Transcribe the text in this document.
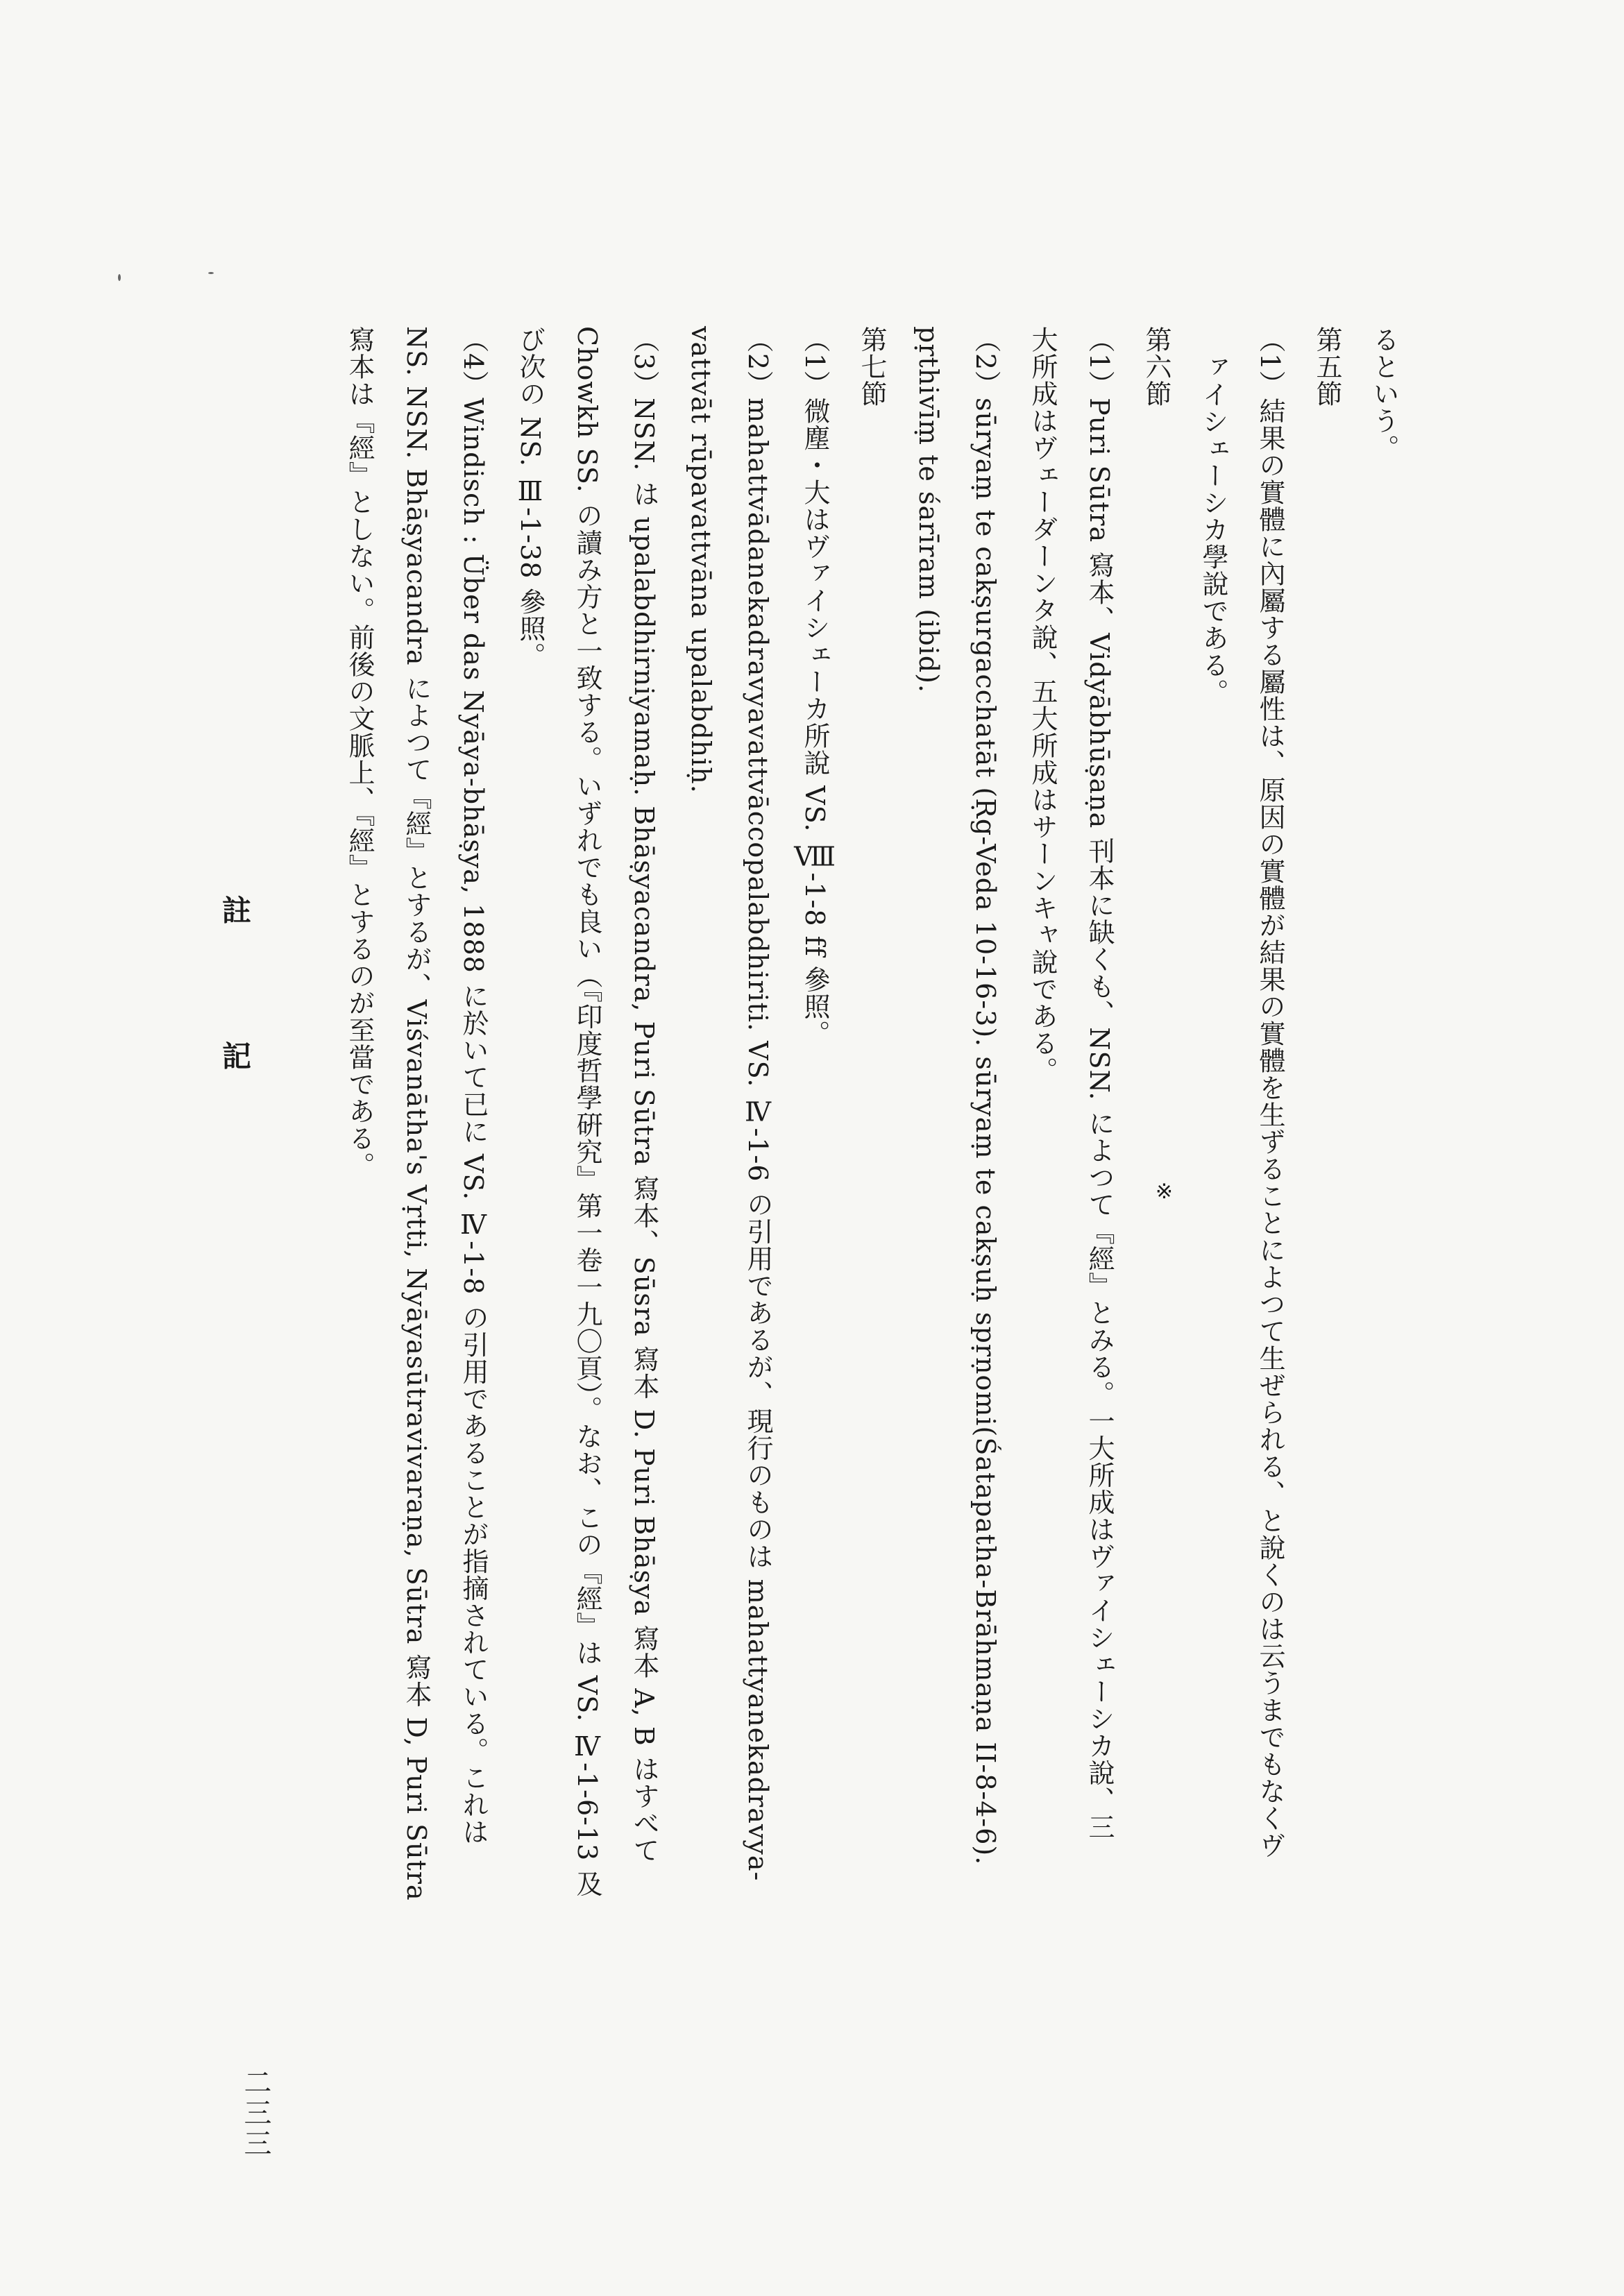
るという。
第五節
（1）結果の實體に內屬する屬性は、原因の實體が結果の實體を生ずることによつて生ぜられる、と說くのは云うまでもなくヴ
ァイシェーシカ學說である。
第六節
（1）Puri Sūtra 寫本、Vidyābhūṣaṇa 刊本に缺くも、NSN. によつて『經』とみる。一大所成はヴァイシェーシカ說、三
大所成はヴェーダーンタ說、五大所成はサーンキャ說である。
（2）sūryaṃ te cakṣurgacchatāt (Ṛg-Veda 10-16-3). sūryaṃ te cakṣuḥ spṛṇomi(Śatapatha-Brāhmaṇa II-8-4-6).
pṛthivīṃ te śarīram (ibid).
第七節
（1）微塵・大はヴァイシェーカ所說 VS. Ⅷ-1-8 ff 參照。
（2）mahattvādanekadravyavattvāccopalabdhiriti. VS. Ⅳ-1-6 の引用であるが、現行のものは mahattyanekadravya-
vattvāt rūpavattvāna upalabdhiḥ.
（3）NSN. は upalabdhirniyamaḥ. Bhāṣyacandra, Puri Sūtra 寫本、Sūsra 寫本 D. Puri Bhāṣya 寫本 A, B はすべて
Chowkh SS. の讀み方と一致する。いずれでも良い（『印度哲學硏究』第一卷一九〇頁）。なお、この『經』は VS. Ⅳ-1-6-13 及
び次の NS. Ⅲ-1-38 參照。
（4）Windisch : Über das Nyāya-bhāṣya, 1888 に於いて已に VS. Ⅳ-1-8 の引用であることが指摘されている。これは
NS. NSN. Bhāṣyacandra によつて『經』とするが、Viśvanātha's Vṛtti, Nyāyasūtravivaraṇa, Sūtra 寫本 D, Puri Sūtra
寫本は『經』としない。前後の文脈上、『經』とするのが至當である。
※
註
記
二三三
